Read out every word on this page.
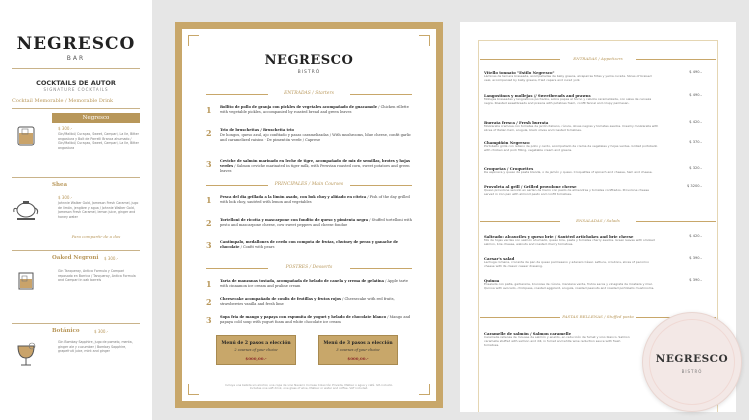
NEGRESCO
BAR
COCKTAILS DE AUTOR
SIGNATURE COCKTAILS
Cocktail Memorable / Memorable Drink
Negresco
$ 300.-
Gin/Malibú/ Curaçao, Sweet, Campari, La Ile, Bitter angostura y Bolt de Parrelli Branca ahumado / Gin/Malibú/ Curaçao, Sweet, Campari, La Ile, Bitter angostura
Shea
$ 300.-
Johnnie Walker Gold, Jameson Fresh Caramel, jugo de limón, jengibre y agua / Johnnie Walker Gold, Jameson Fresh Caramel, lemon juice, ginger and honey water
Para compartir de a dos
Oaked Negroni	$ 300.-
Gin Tanqueray, Antica Formula y Campari reposado en Barrica / Tanqueray, Antica Formula and Campari in oak barrels
Botánico	$ 300.-
Gin Bombay Sapphire, jugo de pomelo, menta, ginger ale y cucumber / Bombay Sapphire, grapefruit juice, mint and ginger
NEGRESCO
BISTRÓ
ENTRADAS / Starters
1 Bollito de pollo de granja con pickles de vegetales acompañado de guacamole / Chicken rillette with vegetable pickles, accompanied by roasted bread and green leaves
2 Trio de bruschettas / Bruschetta trio
De hongos, queso azul, ajo confitado y pasas caramelizadas / With mushrooms, blue cheese, confit garlic and caramelized raisins · De pimentón verde / Caprese
3 Ceviche de salmón marinado en leche de tigre, acompañado de mix de semillas, brotes y hojas verdes / Salmon ceviche marinated in tiger milk, with Peruvian roasted corn, sweet potatoes and green leaves
PRINCIPALES / Main Courses
1 Pesca del día grillada a la limón asado, con bok choy y aliñado en cítrica / Fish of the day grilled with bok choy, sautéed with lemon and vegetables
2 Tortelloni de ricotta y mascarpone con fondito de queso y pimienta negra / Stuffed tortelloni with pesto and mascarpone cheese, cow sweet peppers and cheese fondue
3 Cantimpalo, medallones de cerdo con compota de frutas, chutney de peras y ganache de chocolate / Confit with pears
POSTRES / Desserts
1 Tarta de manzanas tostada, acompañada de helado de canela y crema de gelatina / Apple tarte with cinnamon ice cream and praline cream
2 Cheesecake acompañado de coulis de frutillas y frutos rojos / Cheesecake with red fruits, strawberries vanilla and fresh lime
3 Sopa fría de mango y papaya con espumita de yogurt y helado de chocolate blanco / Mango and papaya cold soup with yogurt foam and white chocolate ice cream
Menú de 2 pasos a elección
2 courses of your choice
$000,00.-
Menú de 3 pasos a elección
3 courses of your choice
$000,00.-
Incluye una bebida sin alcohol, una copa de vino Navarro Correas Colección Privada, Malbec o agua y café. IVA incluido. Includes one soft drink, one glass of wine, Malbec or water and coffee. VAT included.
ENTRADAS / Appetizers
Vitello tonnato "Estilo Negresco"	$ 490.-
Láminas de ternera braseada, acompañadas de baby greens, alcaparras fritas y yema curada. Slices of braised veal, accompanied by baby greens, fried capers and cured yolk.
Langostinos y mollejas // Sweetbreads and prawns	$ 490.-
Mollejas braseadas y langostinos pochados, sobre papas al horno y cebolla caramelizada, con salsa de cerveza negra. Roasted sweetbreads and prawns with potatoes foam, confit fennel and crispy parmesan.
Burrata fresca / Fresh burrata	$ 420.-
Mozzarella cremosa con tomates de jardín italiano, rúcula, olivas negras y tomates asados. Creamy mozzarella with slices of Italian ham, arugula, black olives and roasted tomatoes.
Champiñón Negresco	$ 370.-
Portobello grillé con relleno de pollo y cerdo, acompañado de crema de vegetales y hojas verdes. Grilled portobello with chicken and pork filling, vegetable cream and greens.
Croquetas / Croquettes	$ 320.-
De espinaca y queso de pasta blanda, o de jamón y queso. Croquettes of spinach and cheese, ham and cheese.
Provoleta al grill / Grilled provolone cheese	$ 3200.-
Queso provolone servido en sartén de hierro con pesto de almendras y tomates confitados. Provolone cheese served in iron pan with almond pesto and confit tomatoes.
ENSALADAS / Salads
Salteado: alcauciles y queso brie / Sautéed artichokes and brie cheese	$ 420.-
Mix de hojas verdes con salmón ahumado, queso brie, pasta y tomates cherry asados. Green leaves with smoked salmon, brie cheese, walnuts and roasted cherry tomatoes.
Caesar's salad	$ 390.-
Lechuga romana, crocante de pan de queso parmesano y aderezo César. Lettuce, croutons, slices of pecorino cheese with its classic caesar dressing.
Quinoa	$ 390.-
Ensalada con palta, garbanzos, brunoise de rúcula, manzana verde, frutos secos y vinagreta de mostaza y miel. Quinoa with avocado, chickpeas, roasted eggplant, arugula, roasted peanuts and roasted portobello mushrooms.
PASTAS RELLENAS / Stuffed pasta
Caramelle de salmón / Salmon caramelle
Caramelle rellenas de mousse de salmón y eneldo, en reducción de fumet y vino blanco. Salmon caramelle stuffed with salmon and dill, in fumet and white wine reduction sauce with fresh tomatoes.
NEGRESCO
BISTRÓ
